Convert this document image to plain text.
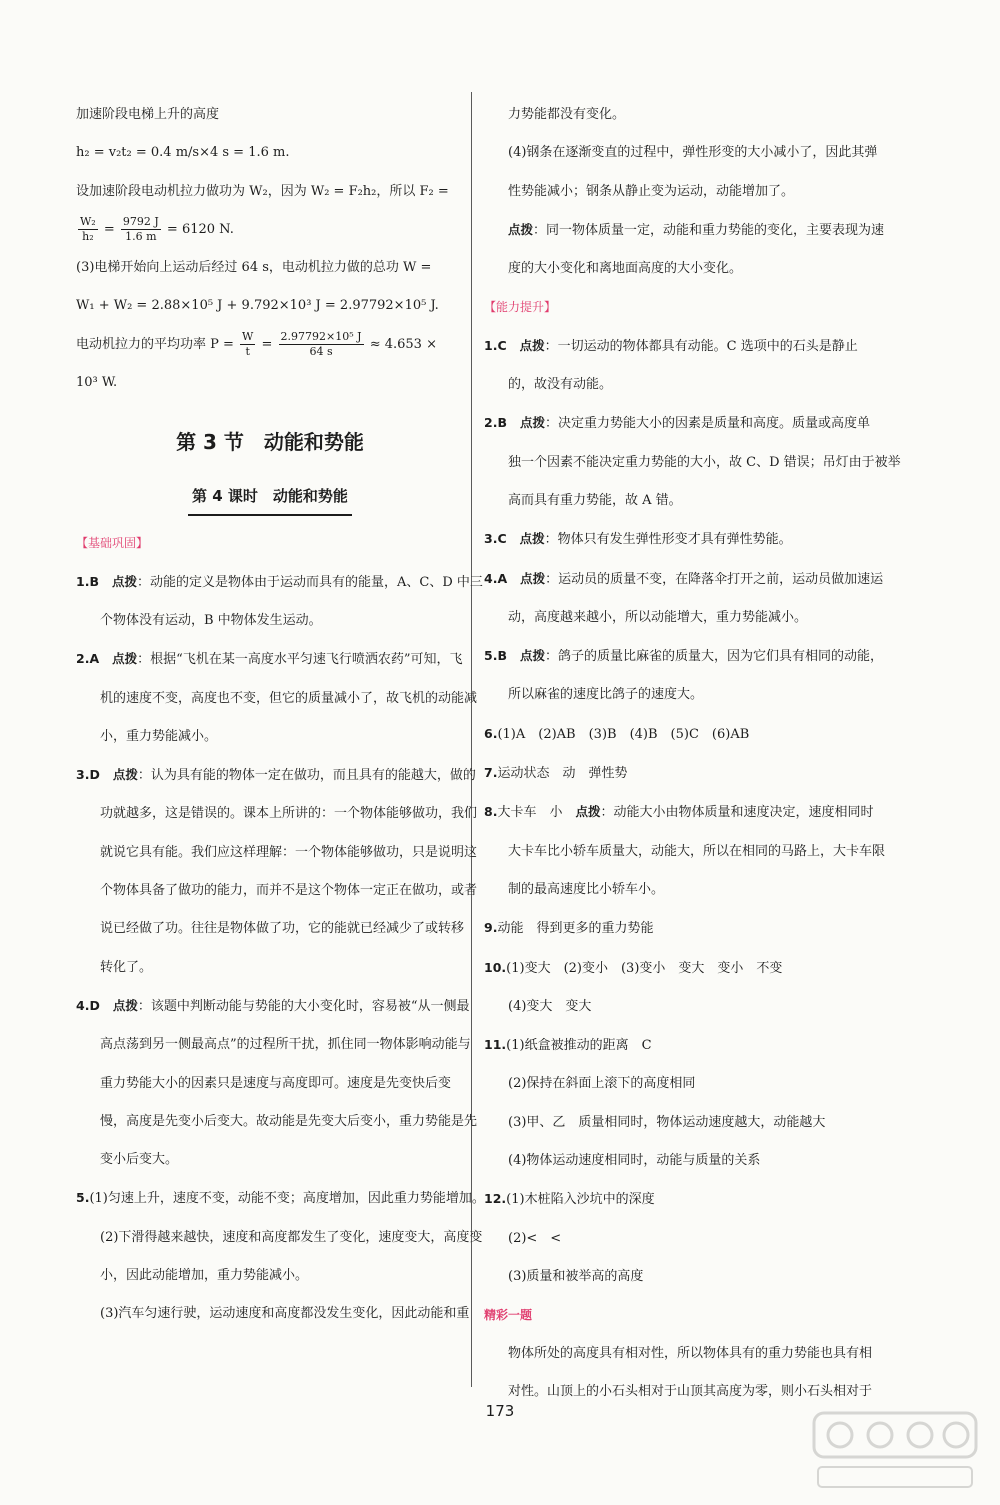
加速阶段电梯上升的高度
h₂ = v₂t₂ = 0.4 m/s×4 s = 1.6 m.
设加速阶段电动机拉力做功为 W₂，因为 W₂ = F₂h₂，所以 F₂ =
$\frac{\text{W₂}}{\text{h₂}} = \frac{9792 J}{1.6 m} = 6120$ N.
(3)电梯开始向上运动后经过 64 s，电动机拉力做的总功 W =
W₁ + W₂ = 2.88×10⁵ J + 9.792×10³ J = 2.97792×10⁵ J.
电动机拉力的平均功率 $P = \frac{W}{t} = \frac{\text{2.97792×10⁵ J}}{64 s} \approx 4.653$ ×
10³ W.
第 3 节　动能和势能
第 4 课时　动能和势能
【基础巩固】
1.B　 点拨：动能的定义是物体由于运动而具有的能量，A、C、D 中三
个物体没有运动，B 中物体发生运动。
2.A　 点拨：根据“飞机在某一高度水平匀速飞行喷洒农药”可知，飞
机的速度不变，高度也不变，但它的质量减小了，故飞机的动能减
小，重力势能减小。
3.D　 点拨：认为具有能的物体一定在做功，而且具有的能越大，做的
功就越多，这是错误的。课本上所讲的：一个物体能够做功，我们
就说它具有能。我们应这样理解：一个物体能够做功，只是说明这
个物体具备了做功的能力，而并不是这个物体一定正在做功，或者
说已经做了功。往往是物体做了功，它的能就已经减少了或转移
转化了。
4.D　 点拨：该题中判断动能与势能的大小变化时，容易被“从一侧最
高点荡到另一侧最高点”的过程所干扰，抓住同一物体影响动能与
重力势能大小的因素只是速度与高度即可。速度是先变快后变
慢，高度是先变小后变大。故动能是先变大后变小，重力势能是先
变小后变大。
5.(1)匀速上升，速度不变，动能不变；高度增加，因此重力势能增加。
(2)下滑得越来越快，速度和高度都发生了变化，速度变大，高度变
小，因此动能增加，重力势能减小。
(3)汽车匀速行驶，运动速度和高度都没发生变化，因此动能和重
力势能都没有变化。
(4)钢条在逐渐变直的过程中，弹性形变的大小减小了，因此其弹
性势能减小；钢条从静止变为运动，动能增加了。
点拨：同一物体质量一定，动能和重力势能的变化，主要表现为速
度的大小变化和离地面高度的大小变化。
【能力提升】
1.C　 点拨：一切运动的物体都具有动能。C 选项中的石头是静止
的，故没有动能。
2.B　 点拨：决定重力势能大小的因素是质量和高度。质量或高度单
独一个因素不能决定重力势能的大小，故 C、D 错误；吊灯由于被举
高而具有重力势能，故 A 错。
3.C　 点拨：物体只有发生弹性形变才具有弹性势能。
4.A　 点拨：运动员的质量不变，在降落伞打开之前，运动员做加速运
动，高度越来越小，所以动能增大，重力势能减小。
5.B　 点拨：鸽子的质量比麻雀的质量大，因为它们具有相同的动能，
所以麻雀的速度比鸽子的速度大。
6.(1)A　(2)AB　(3)B　(4)B　(5)C　(6)AB
7.运动状态　动　弹性势
8.大卡车　小　点拨：动能大小由物体质量和速度决定，速度相同时
大卡车比小轿车质量大，动能大，所以在相同的马路上，大卡车限
制的最高速度比小轿车小。
9.动能　得到更多的重力势能
10.(1)变大　(2)变小　(3)变小　变大　变小　不变
(4)变大　变大
11.(1)纸盒被推动的距离　C
(2)保持在斜面上滚下的高度相同
(3)甲、乙　质量相同时，物体运动速度越大，动能越大
(4)物体运动速度相同时，动能与质量的关系
12.(1)木桩陷入沙坑中的深度
(2)<　<
(3)质量和被举高的高度
精彩一题
物体所处的高度具有相对性，所以物体具有的重力势能也具有相
对性。山顶上的小石头相对于山顶其高度为零，则小石头相对于
173
